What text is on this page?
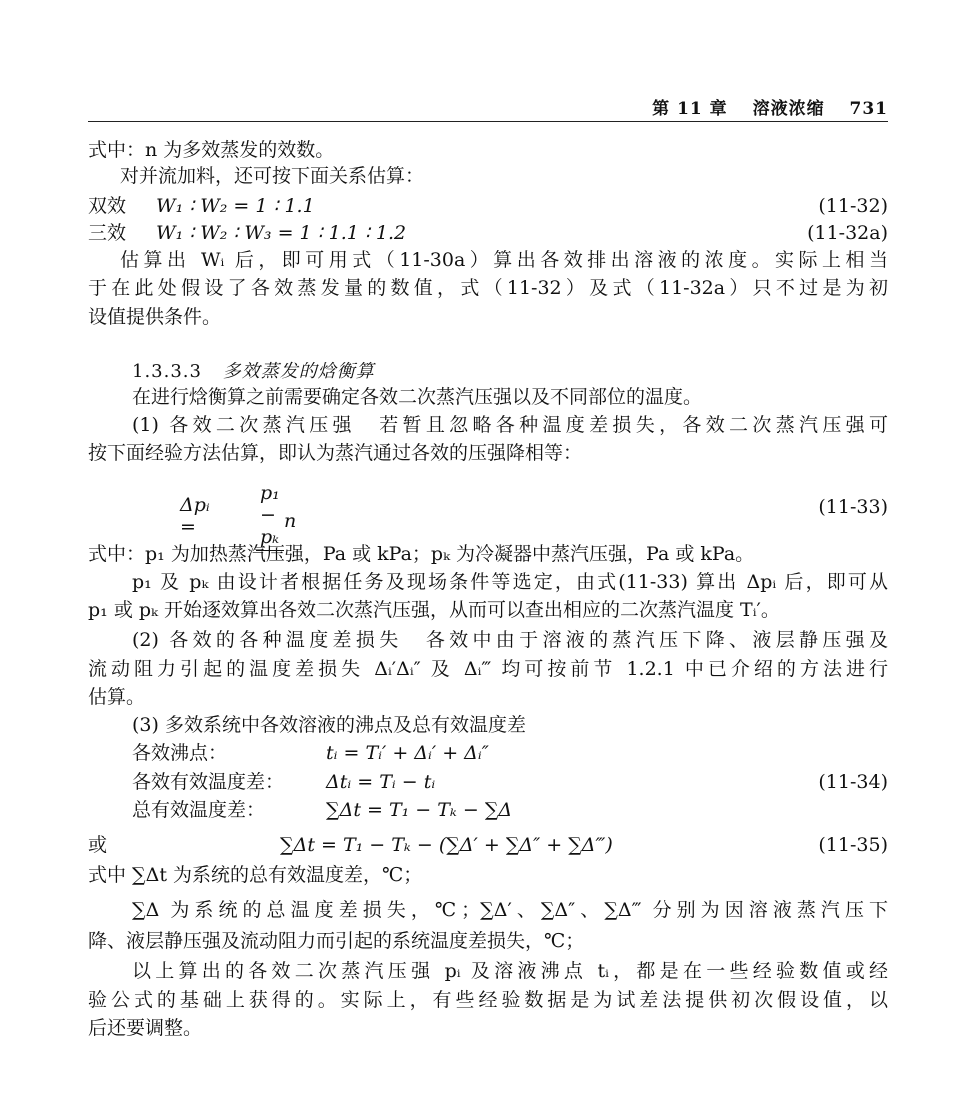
第 11 章 溶液浓缩 731
式中：n 为多效蒸发的效数。
对并流加料，还可按下面关系估算：
双效 W₁ ∶ W₂ = 1 ∶ 1.1	(11-32)
三效 W₁ ∶ W₂ ∶ W₃ = 1 ∶ 1.1 ∶ 1.2	(11-32a)
估算出 Wᵢ 后，即可用式（11-30a）算出各效排出溶液的浓度。实际上相当
于在此处假设了各效蒸发量的数值，式（11-32）及式（11-32a）只不过是为初
设值提供条件。
1.3.3.3 多效蒸发的焓衡算
在进行焓衡算之前需要确定各效二次蒸汽压强以及不同部位的温度。
(1) 各效二次蒸汽压强　若暂且忽略各种温度差损失，各效二次蒸汽压强可
按下面经验方法估算，即认为蒸汽通过各效的压强降相等：
Δpᵢ =
p₁ − pₖ
n
(11-33)
式中：p₁ 为加热蒸汽压强，Pa 或 kPa；pₖ 为冷凝器中蒸汽压强，Pa 或 kPa。
p₁ 及 pₖ 由设计者根据任务及现场条件等选定，由式(11-33) 算出 Δpᵢ 后，即可从
p₁ 或 pₖ 开始逐效算出各效二次蒸汽压强，从而可以查出相应的二次蒸汽温度 Tᵢ′。
(2) 各效的各种温度差损失　各效中由于溶液的蒸汽压下降、液层静压强及
流动阻力引起的温度差损失 Δᵢ′Δᵢ″ 及 Δᵢ‴ 均可按前节 1.2.1 中已介绍的方法进行
估算。
(3) 多效系统中各效溶液的沸点及总有效温度差
各效沸点：	tᵢ = Tᵢ′ + Δᵢ′ + Δᵢ″
各效有效温度差： Δtᵢ = Tᵢ − tᵢ	(11-34)
总有效温度差：	∑Δt = T₁ − Tₖ − ∑Δ
或	∑Δt = T₁ − Tₖ − (∑Δ′ + ∑Δ″ + ∑Δ‴)	(11-35)
式中 ∑Δt 为系统的总有效温度差，℃；
∑Δ 为系统的总温度差损失，℃；∑Δ′、∑Δ″、∑Δ‴ 分别为因溶液蒸汽压下
降、液层静压强及流动阻力而引起的系统温度差损失，℃；
以上算出的各效二次蒸汽压强 pᵢ 及溶液沸点 tᵢ，都是在一些经验数值或经
验公式的基础上获得的。实际上，有些经验数据是为试差法提供初次假设值，以
后还要调整。
